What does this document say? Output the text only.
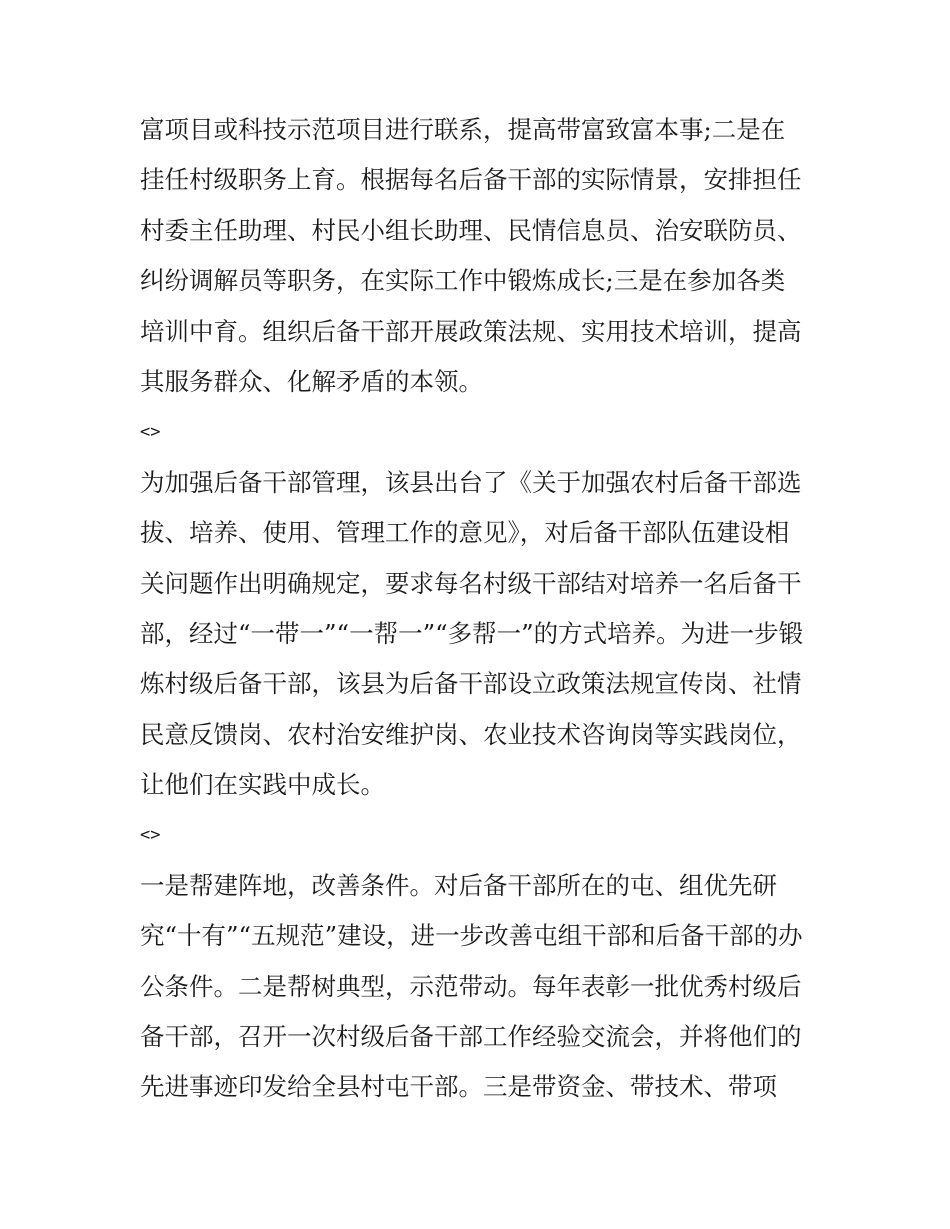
富项目或科技示范项目进行联系，提高带富致富本事;二是在
挂任村级职务上育。根据每名后备干部的实际情景，安排担任
村委主任助理、村民小组长助理、民情信息员、治安联防员、
纠纷调解员等职务，在实际工作中锻炼成长;三是在参加各类
培训中育。组织后备干部开展政策法规、实用技术培训，提高
其服务群众、化解矛盾的本领。
<>
为加强后备干部管理，该县出台了《关于加强农村后备干部选
拔、培养、使用、管理工作的意见》，对后备干部队伍建设相
关问题作出明确规定，要求每名村级干部结对培养一名后备干
部，经过“一带一”“一帮一”“多帮一”的方式培养。为进一步锻
炼村级后备干部，该县为后备干部设立政策法规宣传岗、社情
民意反馈岗、农村治安维护岗、农业技术咨询岗等实践岗位，
让他们在实践中成长。
<>
一是帮建阵地，改善条件。对后备干部所在的屯、组优先研
究“十有”“五规范”建设，进一步改善屯组干部和后备干部的办
公条件。二是帮树典型，示范带动。每年表彰一批优秀村级后
备干部，召开一次村级后备干部工作经验交流会，并将他们的
先进事迹印发给全县村屯干部。三是带资金、带技术、带项
